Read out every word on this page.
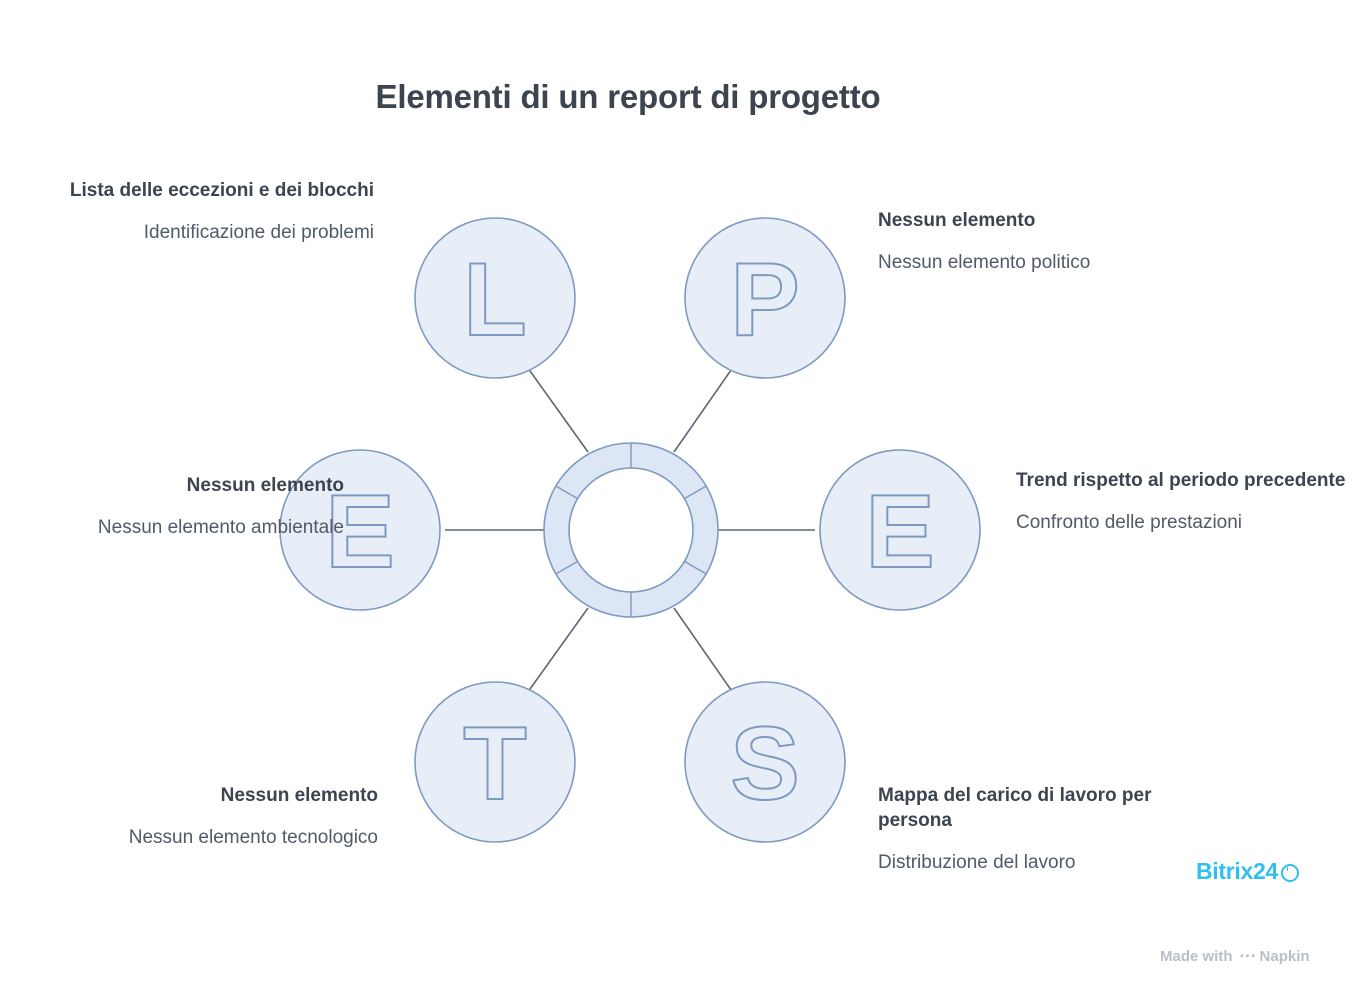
Elementi di un report di progetto
L P
E	E
T S
Lista delle eccezioni e dei blocchi
Identificazione dei problemi
Nessun elemento
Nessun elemento politico
Nessun elemento
Nessun elemento ambientale
Trend rispetto al periodo precedente
Confronto delle prestazioni
Nessun elemento
Nessun elemento tecnologico
Mappa del carico di lavoro per persona
Distribuzione del lavoro	Bitrix24
Made with ⋯ Napkin
